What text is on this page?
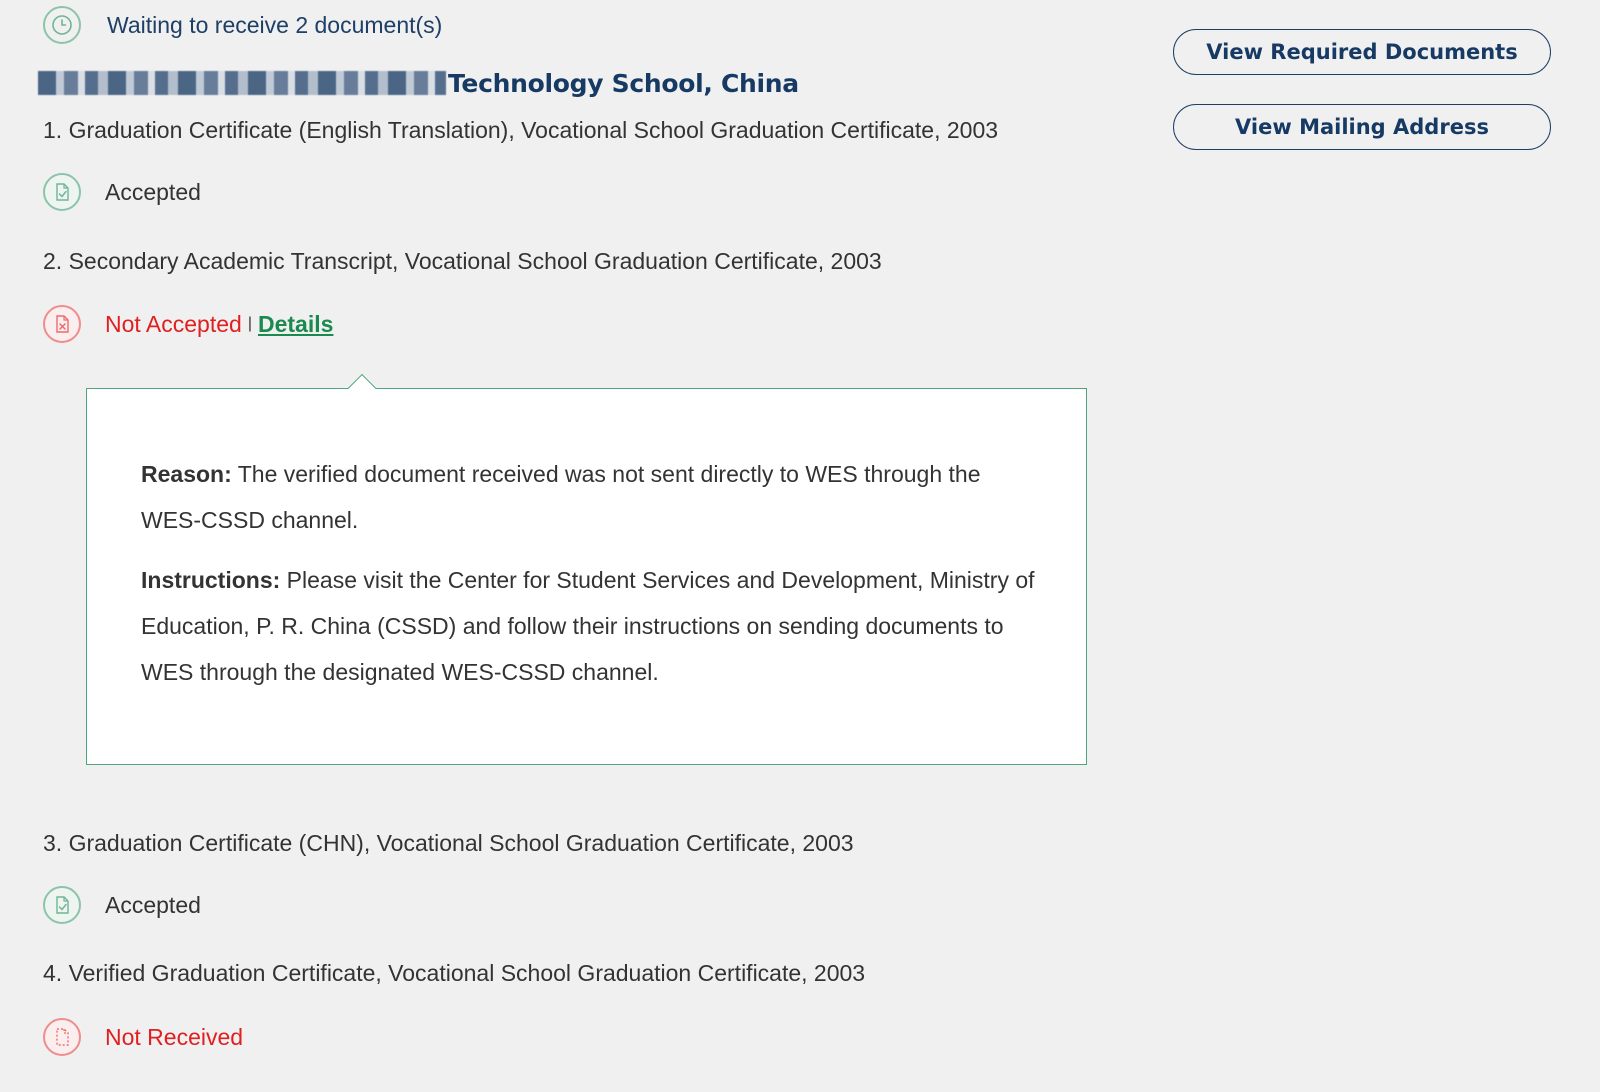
Waiting to receive 2 document(s)
Technology School, China
View Required Documents
View Mailing Address
1. Graduation Certificate (English Translation), Vocational School Graduation Certificate, 2003
Accepted
2. Secondary Academic Transcript, Vocational School Graduation Certificate, 2003
Not Accepted | Details

Reason: The verified document received was not sent directly to WES through the WES-CSSD channel.

Instructions: Please visit the Center for Student Services and Development, Ministry of Education, P. R. China (CSSD) and follow their instructions on sending documents to WES through the designated WES-CSSD channel.

3. Graduation Certificate (CHN), Vocational School Graduation Certificate, 2003
Accepted
4. Verified Graduation Certificate, Vocational School Graduation Certificate, 2003
Not Received
